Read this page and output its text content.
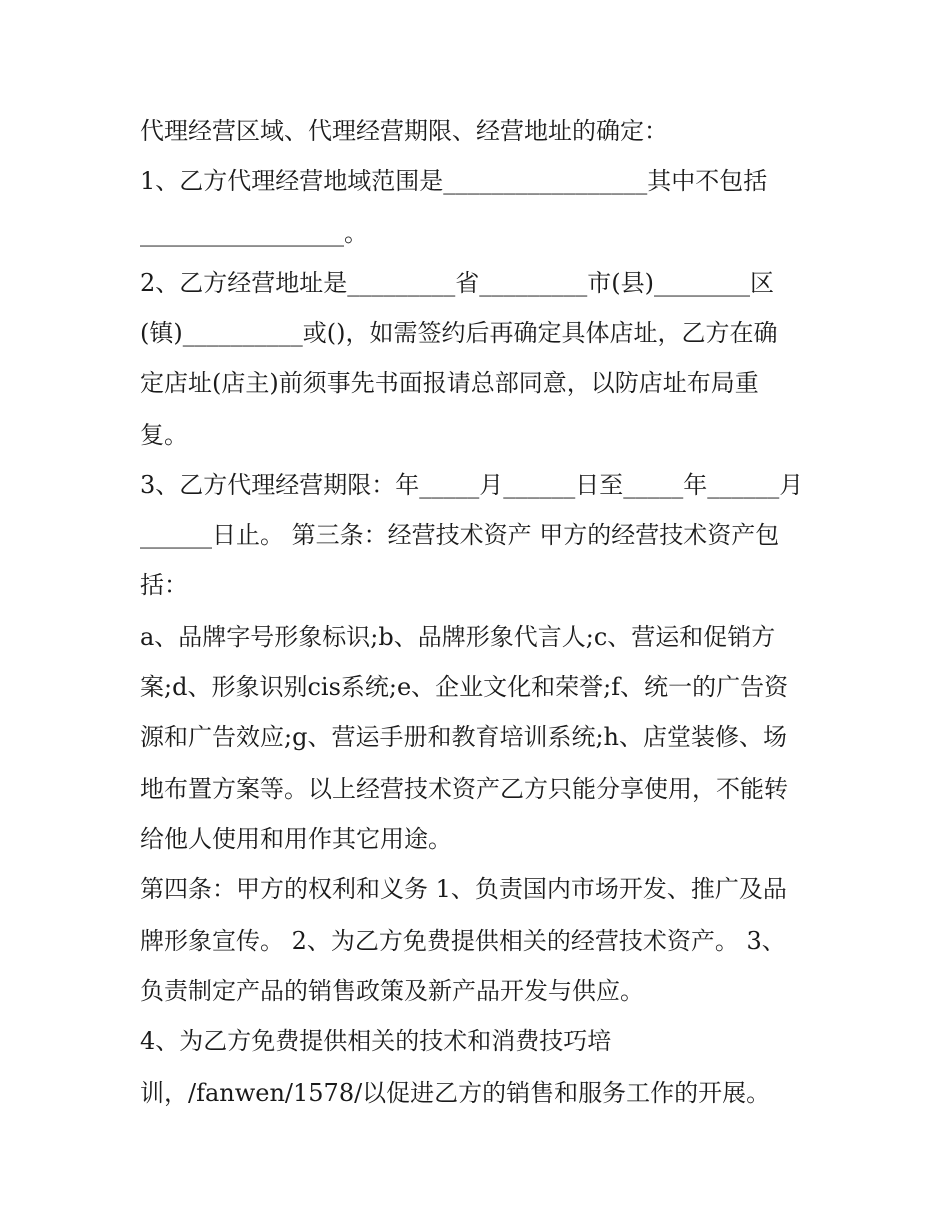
代理经营区域、代理经营期限、经营地址的确定：

1、乙方代理经营地域范围是_________________其中不包括

_________________。

2、乙方经营地址是_________省_________市(县)________区

(镇)__________或()，如需签约后再确定具体店址，乙方在确

定店址(店主)前须事先书面报请总部同意，以防店址布局重

复。

3、乙方代理经营期限：年_____月______日至_____年______月

______日止。 第三条：经营技术资产 甲方的经营技术资产包

括：

a、品牌字号形象标识;b、品牌形象代言人;c、营运和促销方

案;d、形象识别cis系统;e、企业文化和荣誉;f、统一的广告资

源和广告效应;g、营运手册和教育培训系统;h、店堂装修、场

地布置方案等。以上经营技术资产乙方只能分享使用，不能转

给他人使用和用作其它用途。

第四条：甲方的权利和义务 1、负责国内市场开发、推广及品

牌形象宣传。 2、为乙方免费提供相关的经营技术资产。 3、

负责制定产品的销售政策及新产品开发与供应。

4、为乙方免费提供相关的技术和消费技巧培

训，/fanwen/1578/以促进乙方的销售和服务工作的开展。
